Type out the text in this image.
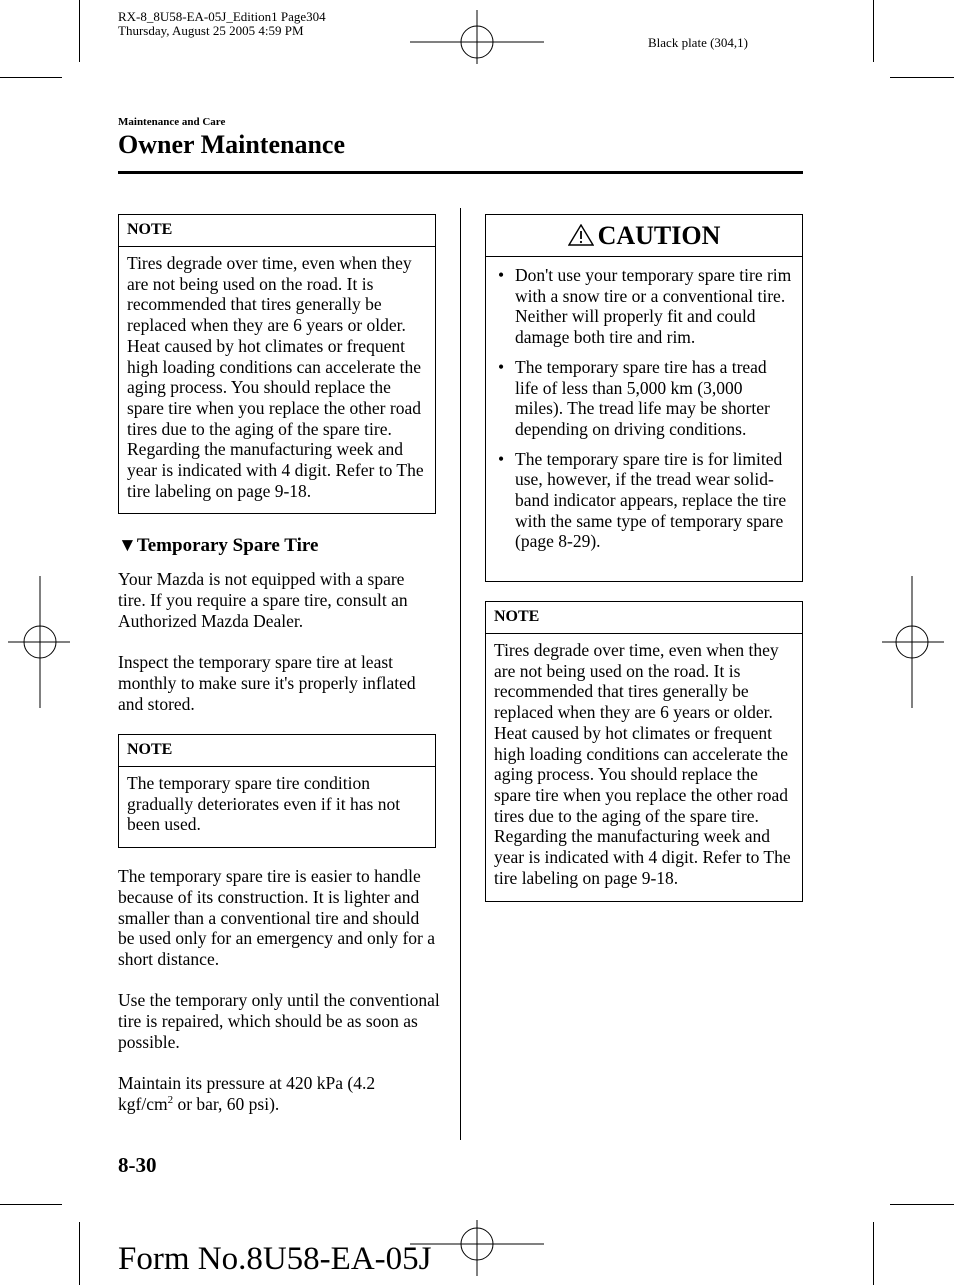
RX-8_8U58-EA-05J_Edition1 Page304
Thursday, August 25 2005 4:59 PM
Black plate (304,1)
Maintenance and Care
Owner Maintenance
NOTE
Tires degrade over time, even when they are not being used on the road. It is recommended that tires generally be replaced when they are 6 years or older. Heat caused by hot climates or frequent high loading conditions can accelerate the aging process. You should replace the spare tire when you replace the other road tires due to the aging of the spare tire. Regarding the manufacturing week and year is indicated with 4 digit. Refer to The tire labeling on page 9-18.
▼Temporary Spare Tire
Your Mazda is not equipped with a spare tire. If you require a spare tire, consult an Authorized Mazda Dealer.
Inspect the temporary spare tire at least monthly to make sure it's properly inflated and stored.
NOTE
The temporary spare tire condition gradually deteriorates even if it has not been used.
The temporary spare tire is easier to handle because of its construction. It is lighter and smaller than a conventional tire and should be used only for an emergency and only for a short distance.
Use the temporary only until the conventional tire is repaired, which should be as soon as possible.
Maintain its pressure at 420 kPa (4.2 kgf/$cm^2$ or bar, 60 psi).
CAUTION
• Don't use your temporary spare tire rim with a snow tire or a conventional tire. Neither will properly fit and could damage both tire and rim.
• The temporary spare tire has a tread life of less than 5,000 km (3,000 miles). The tread life may be shorter depending on driving conditions.
• The temporary spare tire is for limited use, however, if the tread wear solid-band indicator appears, replace the tire with the same type of temporary spare (page 8-29).
NOTE
Tires degrade over time, even when they are not being used on the road. It is recommended that tires generally be replaced when they are 6 years or older. Heat caused by hot climates or frequent high loading conditions can accelerate the aging process. You should replace the spare tire when you replace the other road tires due to the aging of the spare tire. Regarding the manufacturing week and year is indicated with 4 digit. Refer to The tire labeling on page 9-18.
8-30
Form No.8U58-EA-05J
